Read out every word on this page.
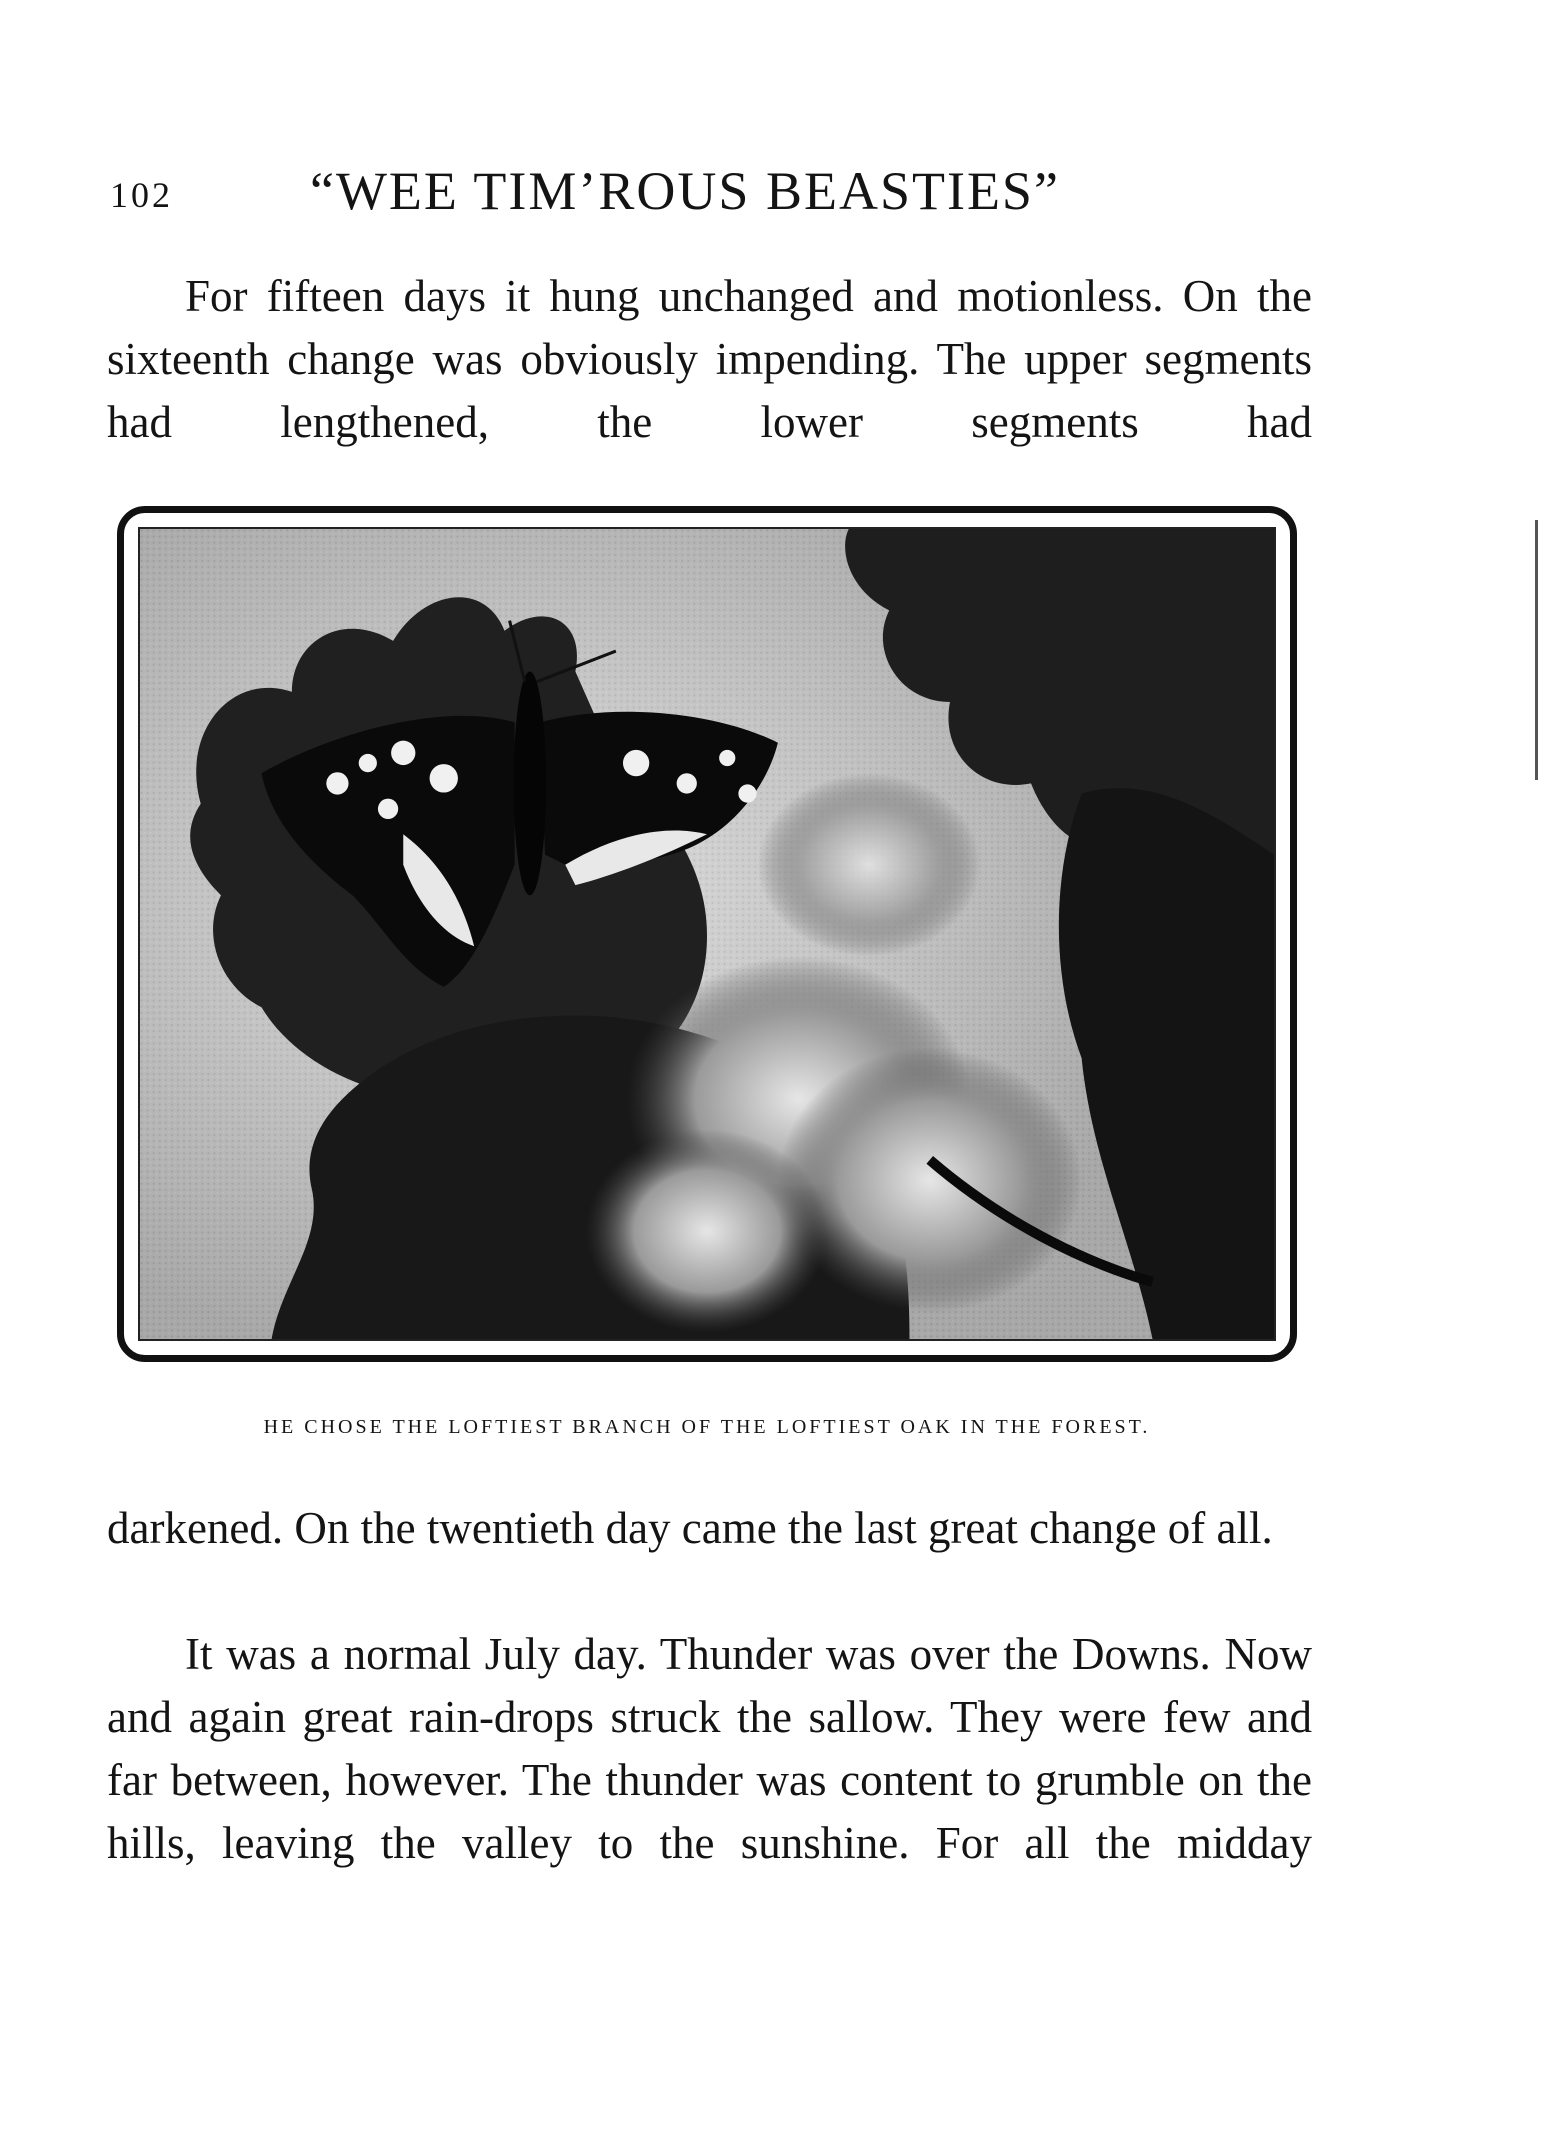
102	“WEE TIM’ROUS BEASTIES”

For fifteen days it hung unchanged and motionless. On the sixteenth change was obviously impending. The upper segments had lengthened, the lower segments had

HE CHOSE THE LOFTIEST BRANCH OF THE LOFTIEST OAK IN THE FOREST.

darkened. On the twentieth day came the last great change of all.

It was a normal July day. Thunder was over the Downs. Now and again great rain-drops struck the sallow. They were few and far between, however. The thunder was content to grumble on the hills, leaving the valley to the sunshine. For all the midday
